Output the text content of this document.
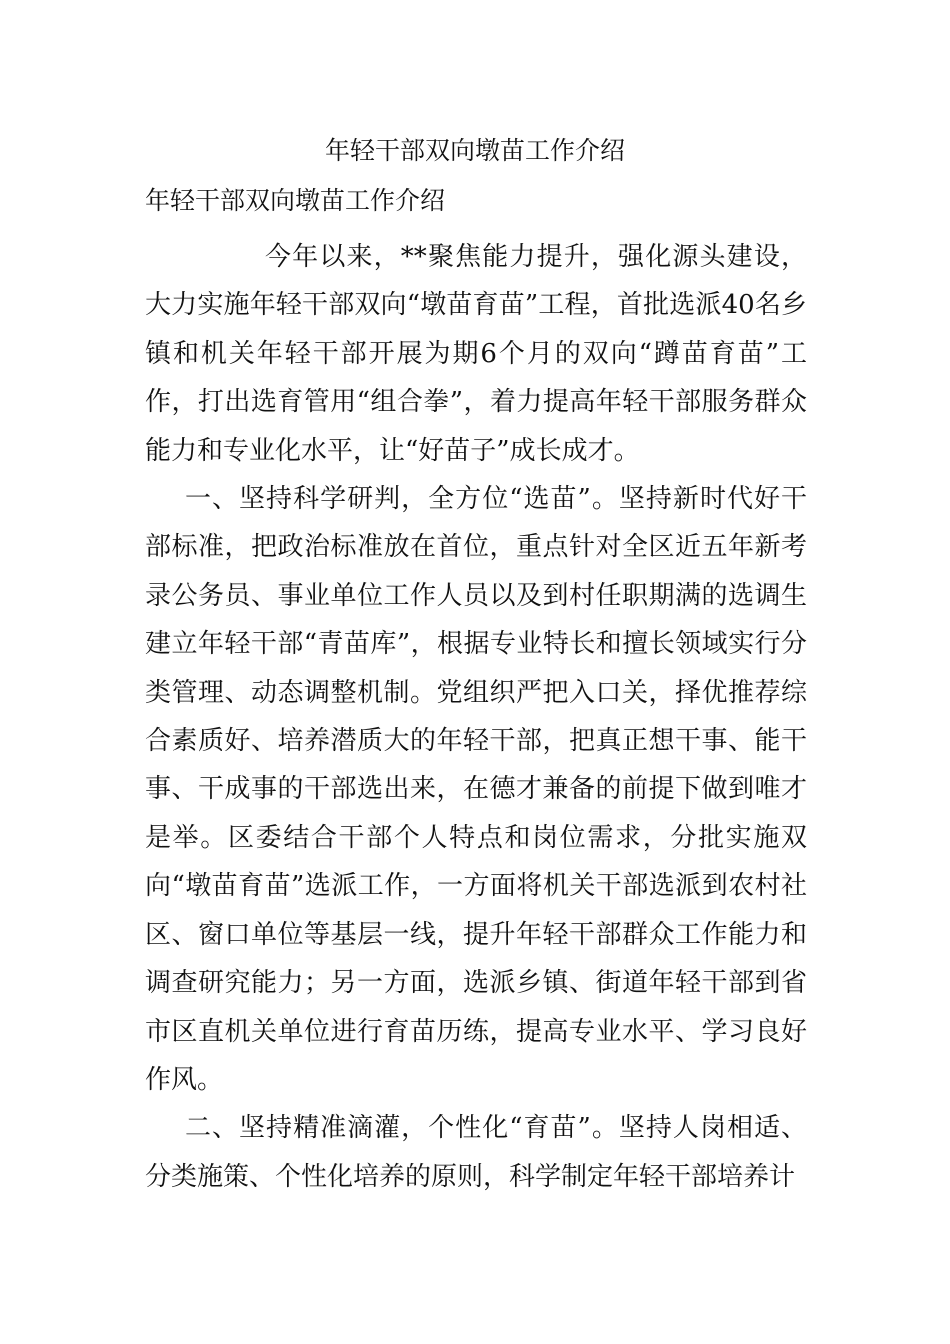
年轻干部双向墩苗工作介绍
年轻干部双向墩苗工作介绍

今年以来，**聚焦能力提升，强化源头建设，大力实施年轻干部双向“墩苗育苗”工程，首批选派40名乡镇和机关年轻干部开展为期6个月的双向“蹲苗育苗”工作，打出选育管用“组合拳”，着力提高年轻干部服务群众能力和专业化水平，让“好苗子”成长成才。

一、坚持科学研判，全方位“选苗”。坚持新时代好干部标准，把政治标准放在首位，重点针对全区近五年新考录公务员、事业单位工作人员以及到村任职期满的选调生建立年轻干部“青苗库”，根据专业特长和擅长领域实行分类管理、动态调整机制。党组织严把入口关，择优推荐综合素质好、培养潜质大的年轻干部，把真正想干事、能干事、干成事的干部选出来，在德才兼备的前提下做到唯才是举。区委结合干部个人特点和岗位需求，分批实施双向“墩苗育苗”选派工作，一方面将机关干部选派到农村社区、窗口单位等基层一线，提升年轻干部群众工作能力和调查研究能力；另一方面，选派乡镇、街道年轻干部到省市区直机关单位进行育苗历练，提高专业水平、学习良好作风。

二、坚持精准滴灌，个性化“育苗”。坚持人岗相适、分类施策、个性化培养的原则，科学制定年轻干部培养计
